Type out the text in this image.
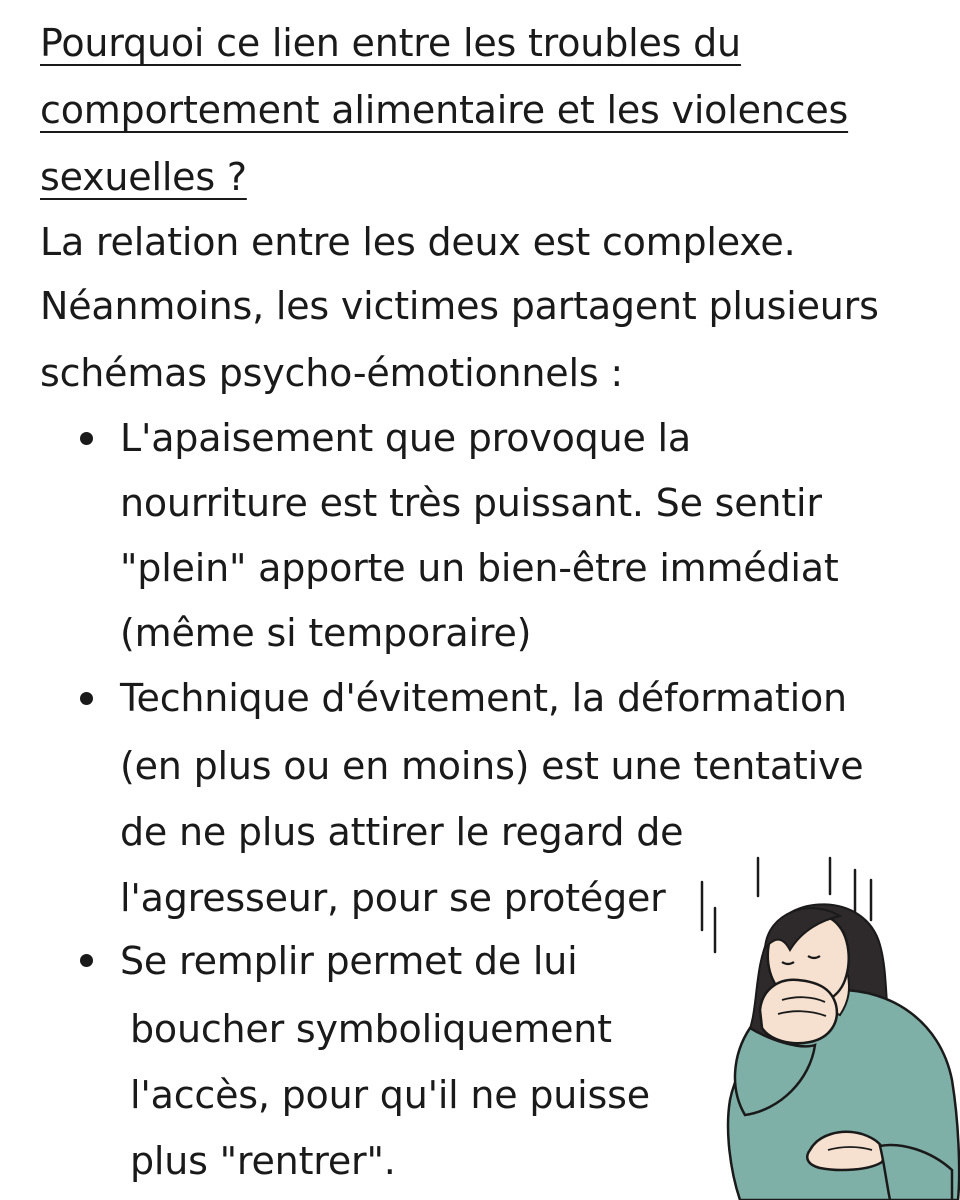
Pourquoi ce lien entre les troubles du
comportement alimentaire et les violences
sexuelles ?
La relation entre les deux est complexe.
Néanmoins, les victimes partagent plusieurs
schémas psycho-émotionnels :
L'apaisement que provoque la
nourriture est très puissant. Se sentir
"plein" apporte un bien-être immédiat
(même si temporaire)
Technique d'évitement, la déformation
(en plus ou en moins) est une tentative
de ne plus attirer le regard de
l'agresseur, pour se protéger
Se remplir permet de lui
boucher symboliquement
l'accès, pour qu'il ne puisse
plus "rentrer".
